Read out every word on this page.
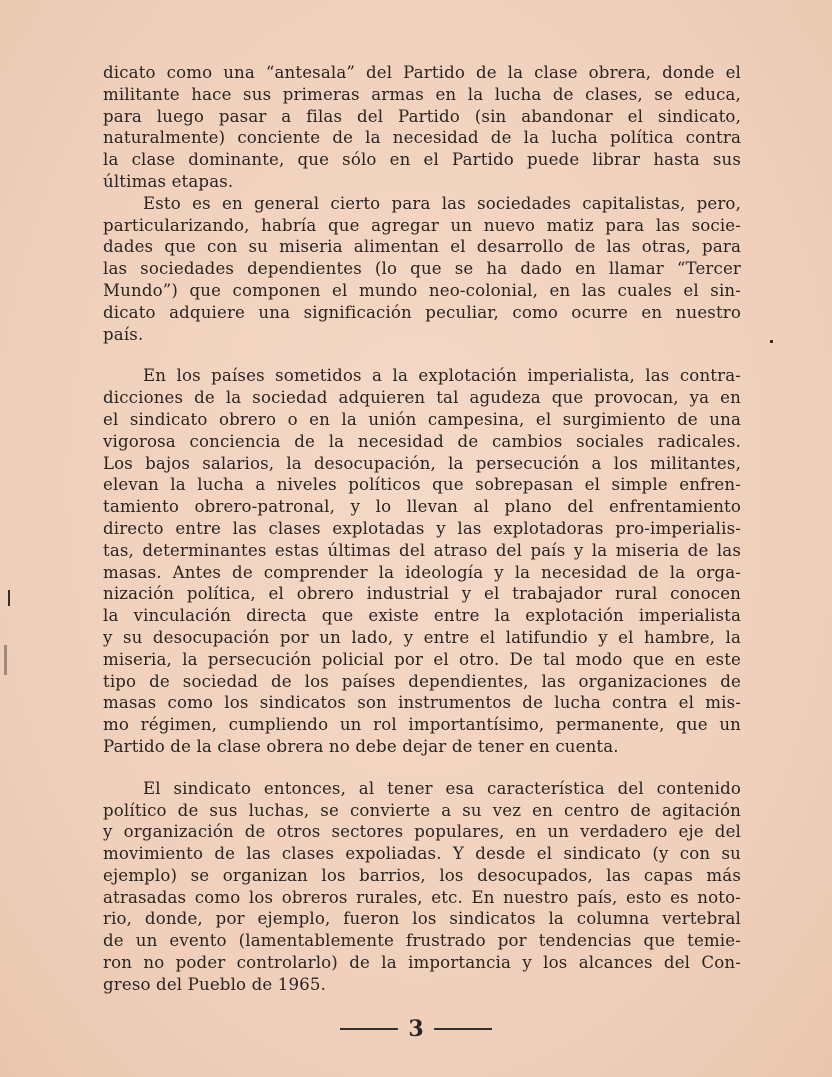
dicato como una “antesala” del Partido de la clase obrera, donde el
militante hace sus primeras armas en la lucha de clases, se educa,
para luego pasar a filas del Partido (sin abandonar el sindicato,
naturalmente) conciente de la necesidad de la lucha política contra
la clase dominante, que sólo en el Partido puede librar hasta sus
últimas etapas.

Esto es en general cierto para las sociedades capitalistas, pero,
particularizando, habría que agregar un nuevo matiz para las socie-
dades que con su miseria alimentan el desarrollo de las otras, para
las sociedades dependientes (lo que se ha dado en llamar “Tercer
Mundo”) que componen el mundo neo-colonial, en las cuales el sin-
dicato adquiere una significación peculiar, como ocurre en nuestro
país.

En los países sometidos a la explotación imperialista, las contra-
dicciones de la sociedad adquieren tal agudeza que provocan, ya en
el sindicato obrero o en la unión campesina, el surgimiento de una
vigorosa conciencia de la necesidad de cambios sociales radicales.
Los bajos salarios, la desocupación, la persecución a los militantes,
elevan la lucha a niveles políticos que sobrepasan el simple enfren-
tamiento obrero-patronal, y lo llevan al plano del enfrentamiento
directo entre las clases explotadas y las explotadoras pro-imperialis-
tas, determinantes estas últimas del atraso del país y la miseria de las
masas. Antes de comprender la ideología y la necesidad de la orga-
nización política, el obrero industrial y el trabajador rural conocen
la vinculación directa que existe entre la explotación imperialista
y su desocupación por un lado, y entre el latifundio y el hambre, la
miseria, la persecución policial por el otro. De tal modo que en este
tipo de sociedad de los países dependientes, las organizaciones de
masas como los sindicatos son instrumentos de lucha contra el mis-
mo régimen, cumpliendo un rol importantísimo, permanente, que un
Partido de la clase obrera no debe dejar de tener en cuenta.

El sindicato entonces, al tener esa característica del contenido
político de sus luchas, se convierte a su vez en centro de agitación
y organización de otros sectores populares, en un verdadero eje del
movimiento de las clases expoliadas. Y desde el sindicato (y con su
ejemplo) se organizan los barrios, los desocupados, las capas más
atrasadas como los obreros rurales, etc. En nuestro país, esto es noto-
rio, donde, por ejemplo, fueron los sindicatos la columna vertebral
de un evento (lamentablemente frustrado por tendencias que temie-
ron no poder controlarlo) de la importancia y los alcances del Con-
greso del Pueblo de 1965.

3
